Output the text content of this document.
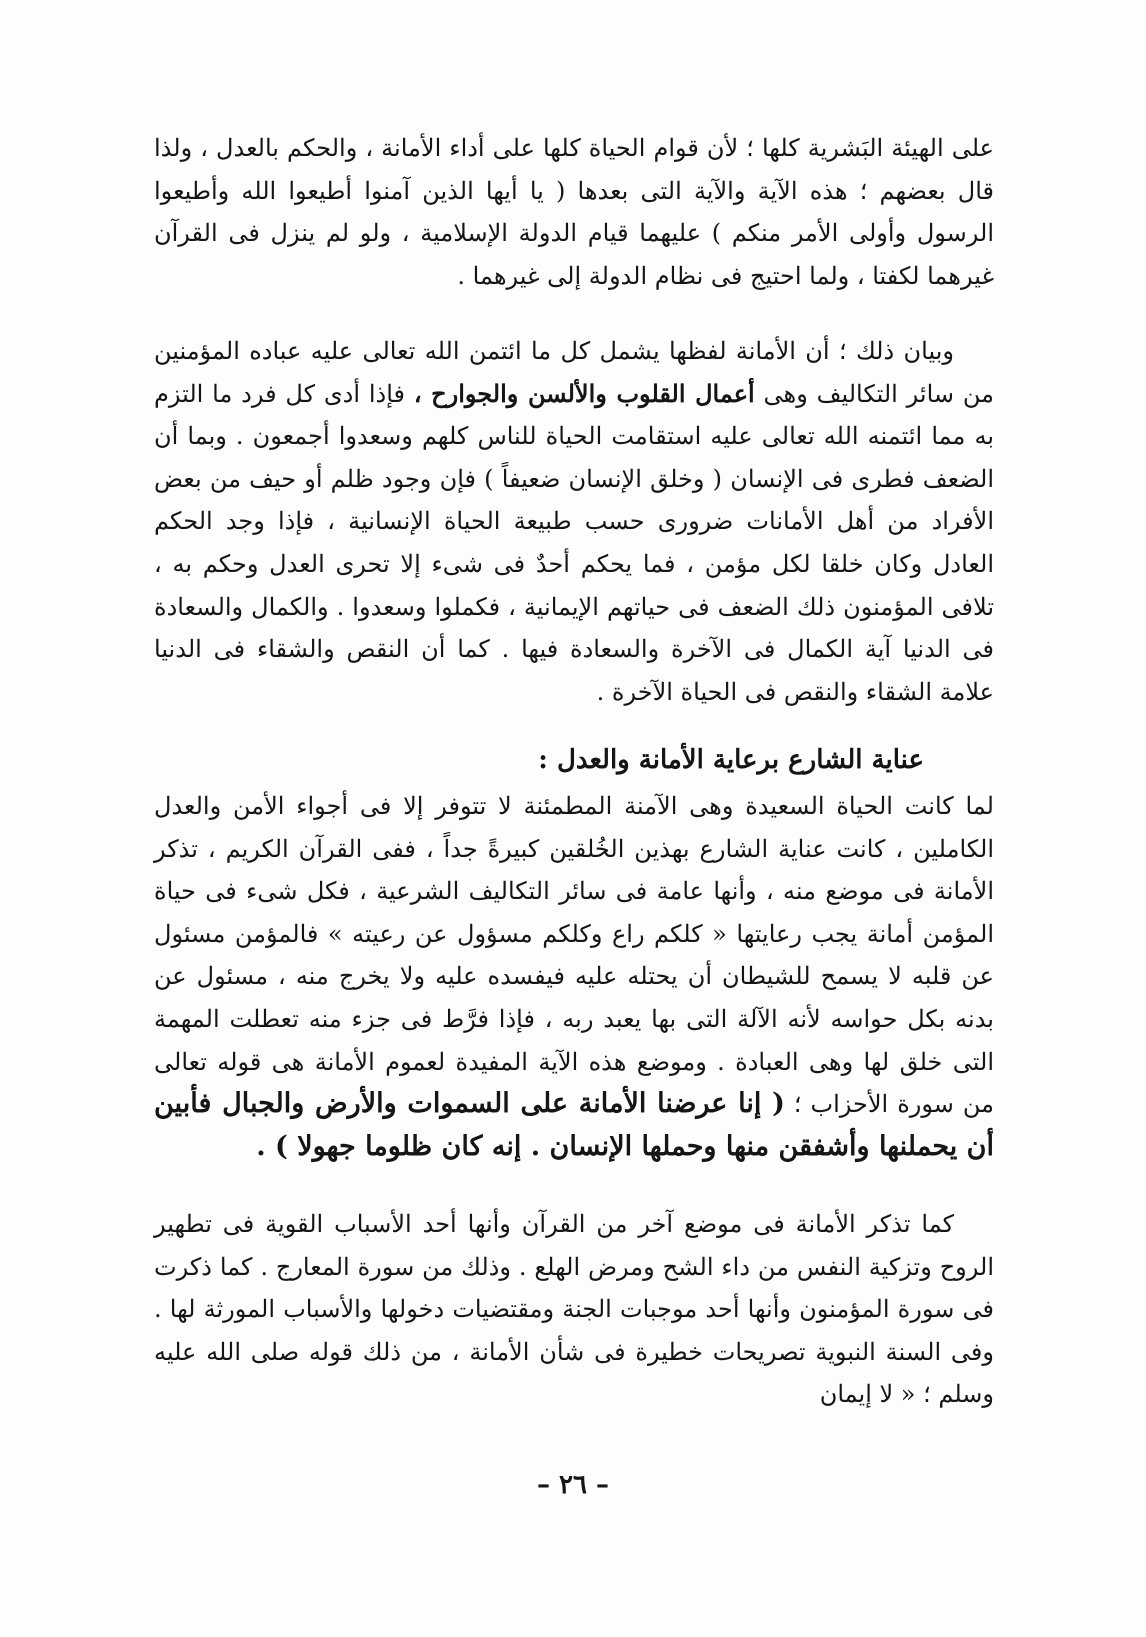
على الهيئة البَشرية كلها ؛ لأن قوام الحياة كلها على أداء الأمانة ، والحكم بالعدل ، ولذا قال بعضهم ؛ هذه الآية والآية التى بعدها ( يا أيها الذين آمنوا أطيعوا الله وأطيعوا الرسول وأولى الأمر منكم ) عليهما قيام الدولة الإسلامية ، ولو لم ينزل فى القرآن غيرهما لكفتا ، ولما احتيج فى نظام الدولة إلى غيرهما .

وبيان ذلك ؛ أن الأمانة لفظها يشمل كل ما ائتمن الله تعالى عليه عباده المؤمنين من سائر التكاليف وهى أعمال القلوب والألسن والجوارح ، فإذا أدى كل فرد ما التزم به مما ائتمنه الله تعالى عليه استقامت الحياة للناس كلهم وسعدوا أجمعون . وبما أن الضعف فطرى فى الإنسان ( وخلق الإنسان ضعيفاً ) فإن وجود ظلم أو حيف من بعض الأفراد من أهل الأمانات ضرورى حسب طبيعة الحياة الإنسانية ، فإذا وجد الحكم العادل وكان خلقا لكل مؤمن ، فما يحكم أحدٌ فى شىء إلا تحرى العدل وحكم به ، تلافى المؤمنون ذلك الضعف فى حياتهم الإيمانية ، فكملوا وسعدوا . والكمال والسعادة فى الدنيا آية الكمال فى الآخرة والسعادة فيها . كما أن النقص والشقاء فى الدنيا علامة الشقاء والنقص فى الحياة الآخرة .

عناية الشارع برعاية الأمانة والعدل :

لما كانت الحياة السعيدة وهى الآمنة المطمئنة لا تتوفر إلا فى أجواء الأمن والعدل الكاملين ، كانت عناية الشارع بهذين الخُلقين كبيرةً جداً ، ففى القرآن الكريم ، تذكر الأمانة فى موضع منه ، وأنها عامة فى سائر التكاليف الشرعية ، فكل شىء فى حياة المؤمن أمانة يجب رعايتها « كلكم راع وكلكم مسؤول عن رعيته » فالمؤمن مسئول عن قلبه لا يسمح للشيطان أن يحتله عليه فيفسده عليه ولا يخرج منه ، مسئول عن بدنه بكل حواسه لأنه الآلة التى بها يعبد ربه ، فإذا فرَّط فى جزء منه تعطلت المهمة التى خلق لها وهى العبادة . وموضع هذه الآية المفيدة لعموم الأمانة هى قوله تعالى من سورة الأحزاب ؛ ( إنا عرضنا الأمانة على السموات والأرض والجبال فأبين أن يحملنها وأشفقن منها وحملها الإنسان . إنه كان ظلوما جهولا ) .

كما تذكر الأمانة فى موضع آخر من القرآن وأنها أحد الأسباب القوية فى تطهير الروح وتزكية النفس من داء الشح ومرض الهلع . وذلك من سورة المعارج . كما ذكرت فى سورة المؤمنون وأنها أحد موجبات الجنة ومقتضيات دخولها والأسباب المورثة لها . وفى السنة النبوية تصريحات خطيرة فى شأن الأمانة ، من ذلك قوله صلى الله عليه وسلم ؛ « لا إيمان

– ٢٦ –
